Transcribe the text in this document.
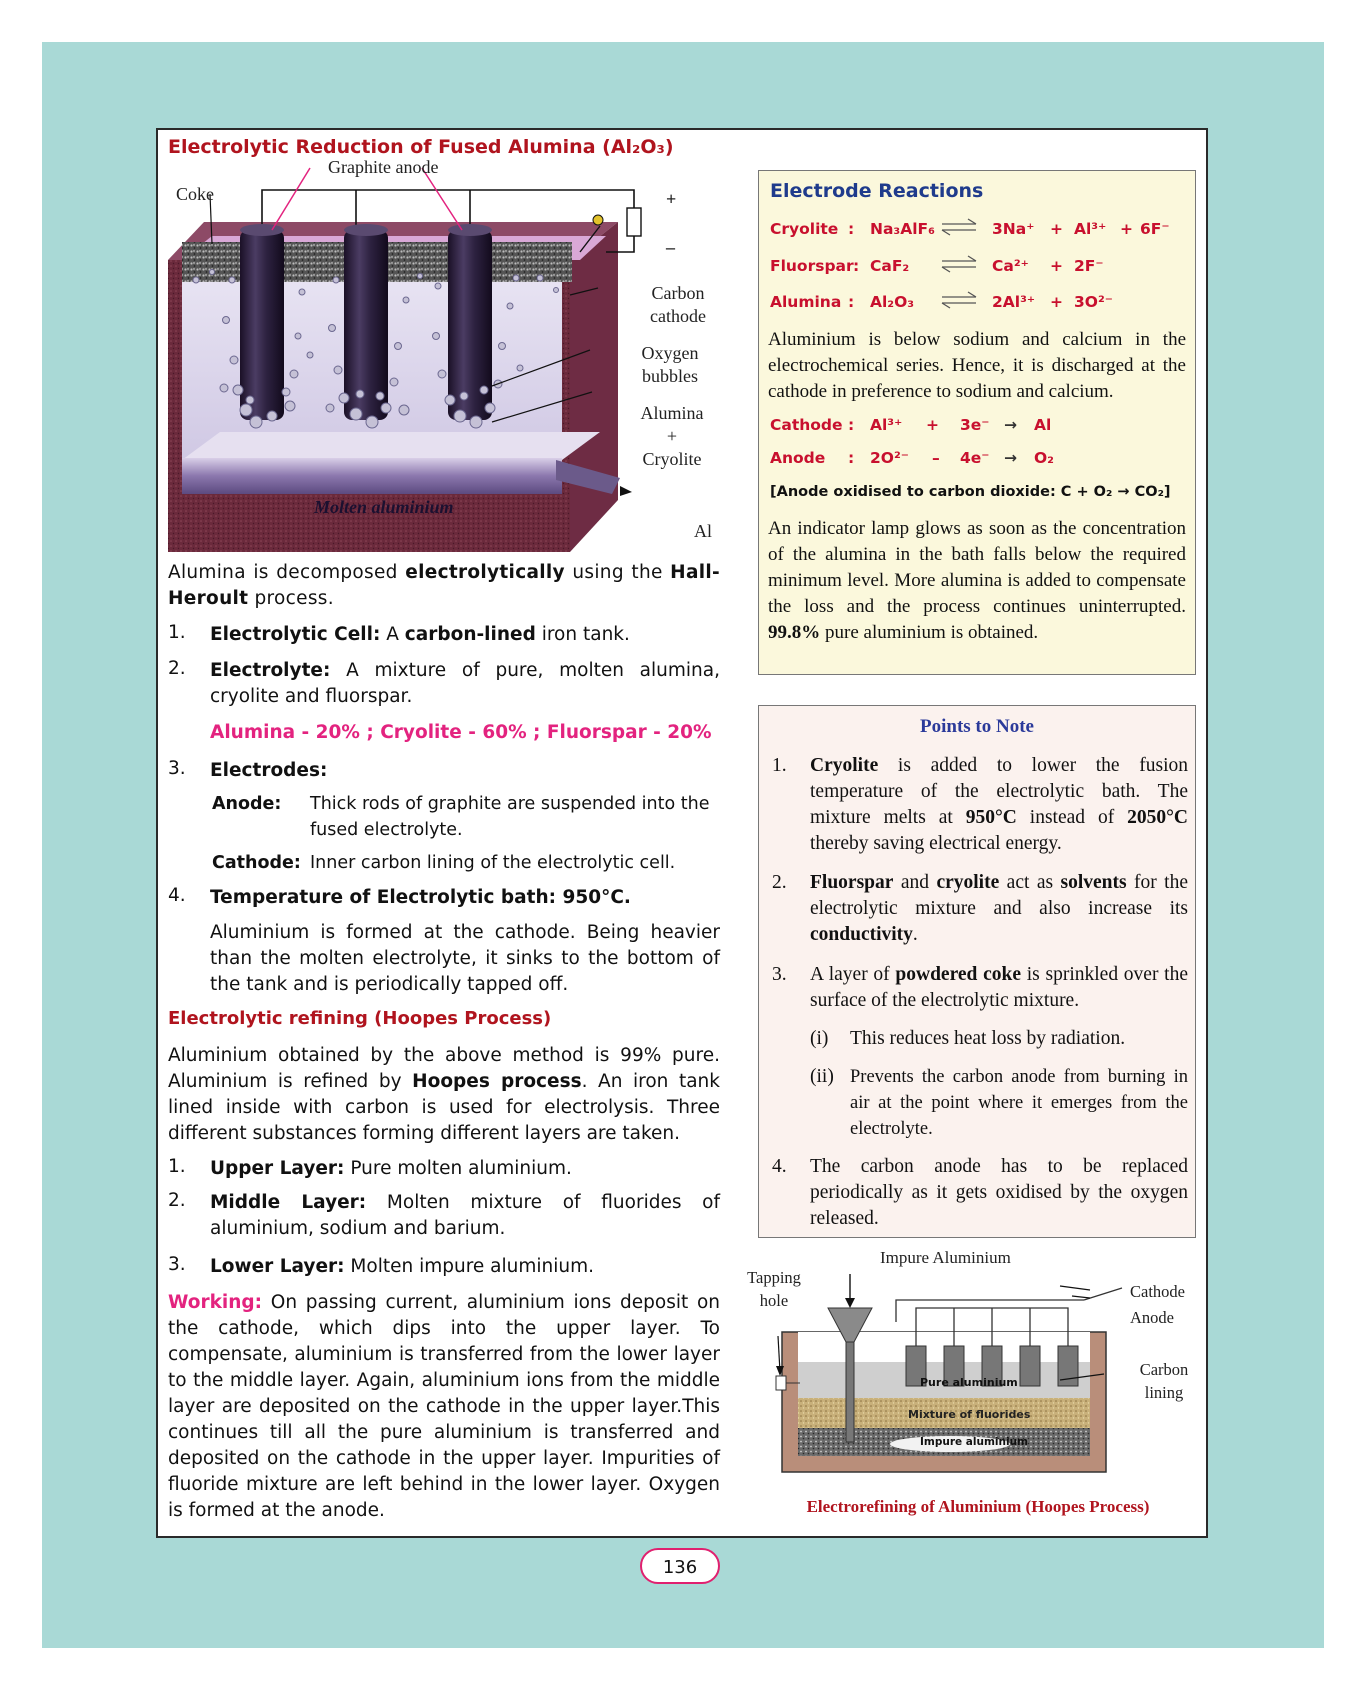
Electrolytic Reduction of Fused Alumina (Al₂O₃)
Graphite anode
Coke	+
–
Carbon
cathode
Oxygen
bubbles
Alumina
+
Cryolite
Molten aluminium
Al
Alumina is decomposed electrolytically using the Hall-Heroult process.
1. Electrolytic Cell: A carbon-lined iron tank.
2. Electrolyte: A mixture of pure, molten alumina, cryolite and fluorspar.
Alumina - 20% ; Cryolite - 60% ; Fluorspar - 20%
3. Electrodes:
Anode: Thick rods of graphite are suspended into the fused electrolyte.
Cathode: Inner carbon lining of the electrolytic cell.
4. Temperature of Electrolytic bath: 950°C.
Aluminium is formed at the cathode. Being heavier than the molten electrolyte, it sinks to the bottom of the tank and is periodically tapped off.
Electrolytic refining (Hoopes Process)
Aluminium obtained by the above method is 99% pure. Aluminium is refined by Hoopes process. An iron tank lined inside with carbon is used for electrolysis. Three different substances forming different layers are taken.
1. Upper Layer: Pure molten aluminium.
2. Middle Layer: Molten mixture of fluorides of aluminium, sodium and barium.
3. Lower Layer: Molten impure aluminium.
Working: On passing current, aluminium ions deposit on the cathode, which dips into the upper layer. To compensate, aluminium is transferred from the lower layer to the middle layer. Again, aluminium ions from the middle layer are deposited on the cathode in the upper layer.This continues till all the pure aluminium is transferred and deposited on the cathode in the upper layer. Impurities of fluoride mixture are left behind in the lower layer. Oxygen is formed at the anode.
Electrode Reactions
Cryolite : Na₃AlF₆ ⇌ 3Na⁺ + Al³⁺ + 6F⁻
Fluorspar : CaF₂ ⇌ Ca²⁺ + 2F⁻
Alumina : Al₂O₃ ⇌ 2Al³⁺ + 3O²⁻
Aluminium is below sodium and calcium in the electrochemical series. Hence, it is discharged at the cathode in preference to sodium and calcium.
Cathode : Al³⁺ + 3e⁻ → Al
Anode : 2O²⁻ – 4e⁻ → O₂
[Anode oxidised to carbon dioxide: C + O₂ → CO₂]
An indicator lamp glows as soon as the concentration of the alumina in the bath falls below the required minimum level. More alumina is added to compensate the loss and the process continues uninterrupted. 99.8% pure aluminium is obtained.
Points to Note
1. Cryolite is added to lower the fusion temperature of the electrolytic bath. The mixture melts at 950°C instead of 2050°C thereby saving electrical energy.
2. Fluorspar and cryolite act as solvents for the electrolytic mixture and also increase its conductivity.
3. A layer of powdered coke is sprinkled over the surface of the electrolytic mixture.
(i) This reduces heat loss by radiation.
(ii) Prevents the carbon anode from burning in air at the point where it emerges from the electrolyte.
4. The carbon anode has to be replaced periodically as it gets oxidised by the oxygen released.
Impure Aluminium
Tapping
hole	Cathode
Anode
Carbon
lining
Pure aluminium
Mixture of fluorides
Impure aluminium
Electrorefining of Aluminium (Hoopes Process)
136
